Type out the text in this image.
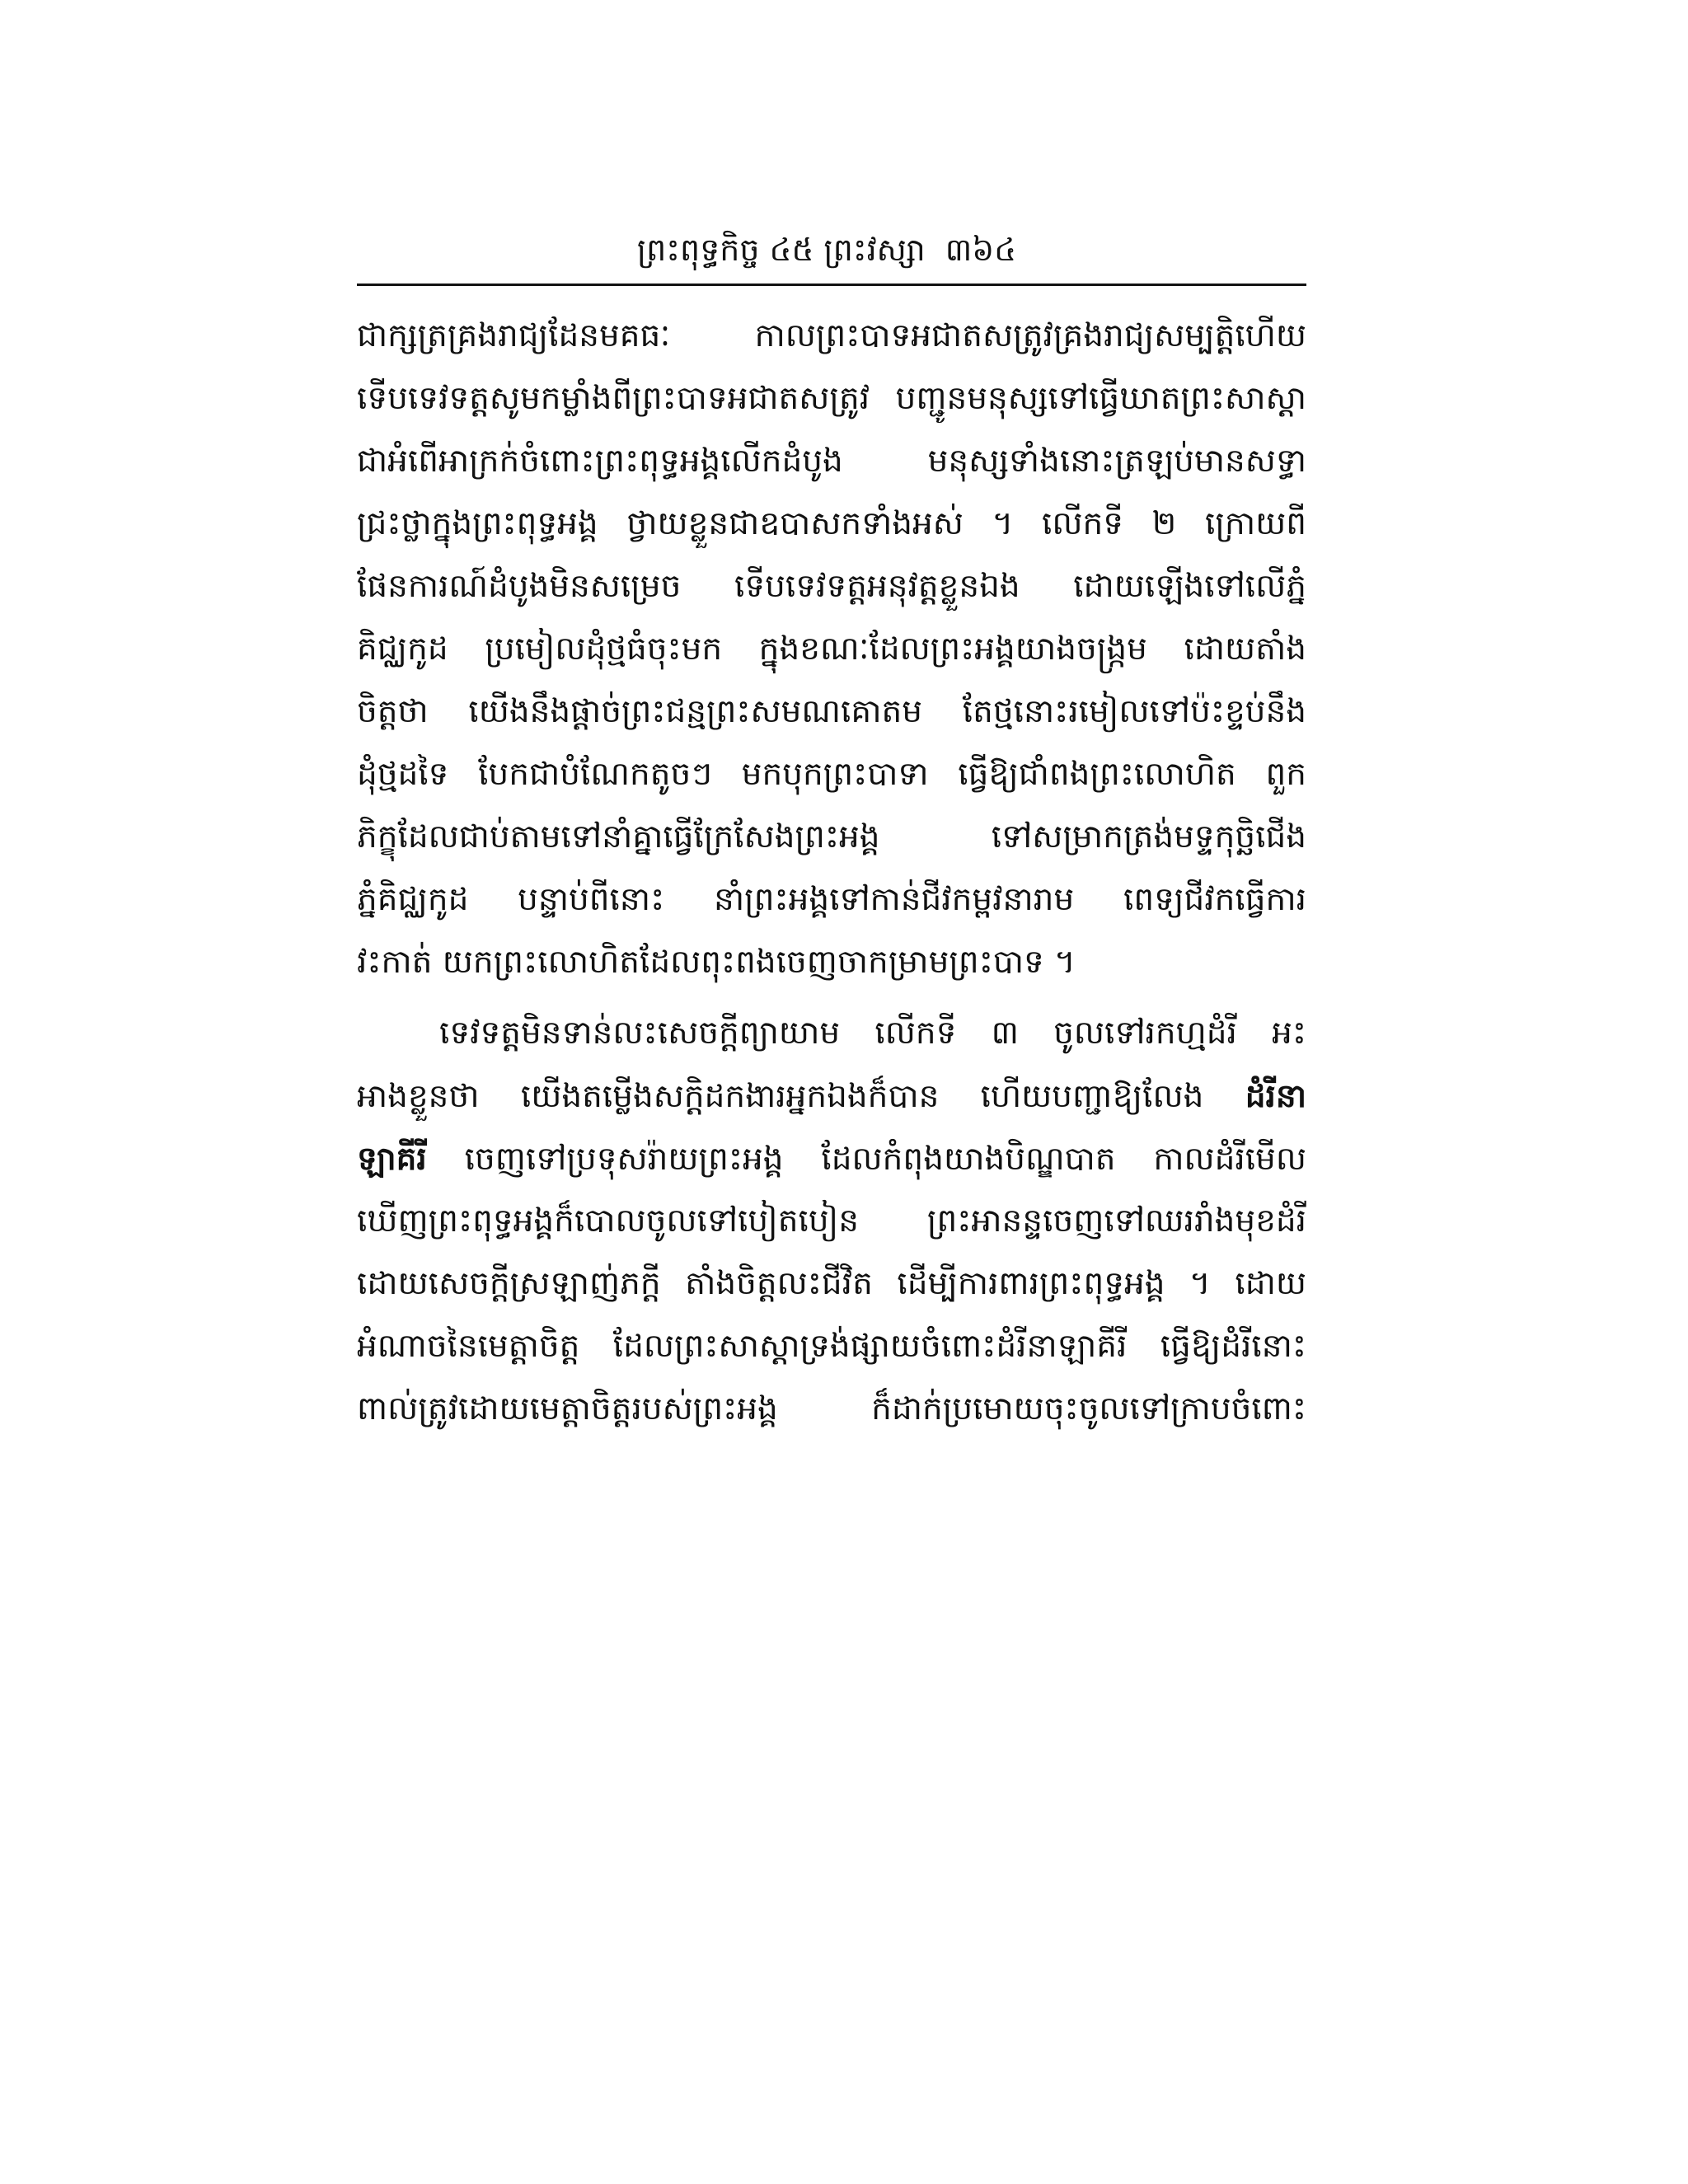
ព្រះពុទ្ធកិច្ច ៤៥ ព្រះវស្សា ៣៦៤
ជាក្សត្រគ្រងរាជ្យដែនមគធៈ កាលព្រះបាទអជាតសត្រូវគ្រងរាជ្យសម្បត្តិហើយ
ទើបទេវទត្តសូមកម្លាំងពីព្រះបាទអជាតសត្រូវ បញ្ជូនមនុស្សទៅធ្វើឃាតព្រះសាស្ដា
ជាអំពើអាក្រក់ចំពោះព្រះពុទ្ធអង្គលើកដំបូង មនុស្សទាំងនោះត្រឡប់មានសទ្ធា
ជ្រះថ្លាក្នុងព្រះពុទ្ធអង្គ ថ្វាយខ្លួនជាឧបាសកទាំងអស់ ។ លើកទី ២ ក្រោយពី
ផែនការណ៍ដំបូងមិនសម្រេច ទើបទេវទត្តអនុវត្តខ្លួនឯង ដោយឡើងទៅលើភ្នំ
គិជ្ឈកូដ ប្រមៀលដុំថ្មធំចុះមក ក្នុងខណៈដែលព្រះអង្គយាងចង្ក្រម ដោយតាំង
ចិត្តថា យើងនឹងផ្ដាច់ព្រះជន្មព្រះសមណគោតម តែថ្មនោះរមៀលទៅប៉ះខ្ទប់នឹង
ដុំថ្មដទៃ បែកជាបំណែកតូចៗ មកបុកព្រះបាទា ធ្វើឱ្យជាំពងព្រះលោហិត ពួក
ភិក្ខុដែលជាប់តាមទៅនាំគ្នាធ្វើក្រែសែងព្រះអង្គ ទៅសម្រាកត្រង់មទ្ទកុច្ឆិជើង
ភ្នំគិជ្ឈកូដ បន្ទាប់ពីនោះ នាំព្រះអង្គទៅកាន់ជីវកម្ពវនារាម ពេទ្យជីវកធ្វើការ
វះកាត់ យកព្រះលោហិតដែលពុះពងចេញចាកម្រាមព្រះបាទ ។
ទេវទត្តមិនទាន់លះសេចក្ដីព្យាយាម លើកទី ៣ ចូលទៅរកហ្មដំរី អះ
អាងខ្លួនថា យើងតម្លើងសក្ដិដកងារអ្នកឯងក៏បាន ហើយបញ្ជាឱ្យលែង ដំរីនា
ឡាគីរី ចេញទៅប្រទុសរ៉ាយព្រះអង្គ ដែលកំពុងយាងបិណ្ឌបាត កាលដំរីមើល
ឃើញព្រះពុទ្ធអង្គក៏បោលចូលទៅបៀតបៀន ព្រះអានន្ទចេញទៅឈររាំងមុខដំរី
ដោយសេចក្ដីស្រឡាញ់ភក្ដី តាំងចិត្តលះជីវិត ដើម្បីការពារព្រះពុទ្ធអង្គ ។ ដោយ
អំណាចនៃមេត្តាចិត្ត ដែលព្រះសាស្ដាទ្រង់ផ្សាយចំពោះដំរីនាឡាគីរី ធ្វើឱ្យដំរីនោះ
ពាល់ត្រូវដោយមេត្តាចិត្តរបស់ព្រះអង្គ ក៏ដាក់ប្រមោយចុះចូលទៅក្រាបចំពោះ
